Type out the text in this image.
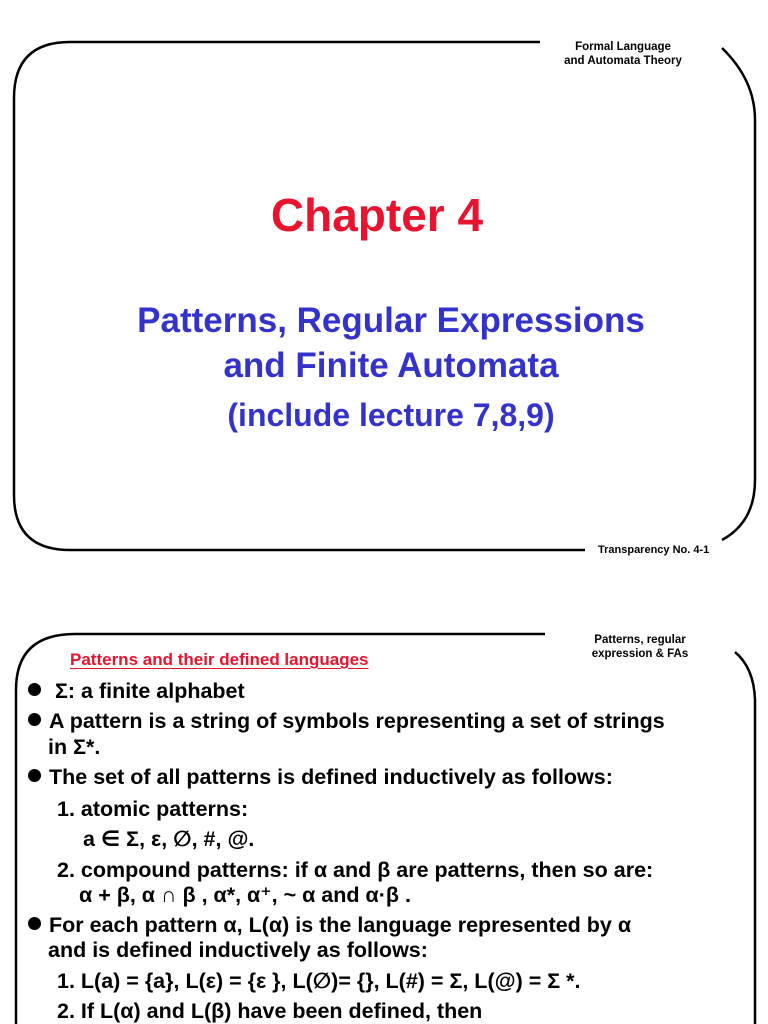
Formal Language
and Automata Theory
Chapter 4
Patterns, Regular Expressions
and Finite Automata
(include lecture 7,8,9)
Transparency No. 4-1
Patterns, regular
expression & FAs
Patterns and their defined languages
Σ: a finite alphabet
A pattern is a string of symbols representing a set of strings
in Σ*.
The set of all patterns is defined inductively as follows:
1. atomic patterns:
a ∈ Σ, ε, ∅, #, @.
2. compound patterns: if α and β are patterns, then so are:
α + β, α ∩ β , α*, α⁺, ~ α and α·β .
For each pattern α, L(α) is the language represented by α
and is defined inductively as follows:
1. L(a) = {a}, L(ε) = {ε }, L(∅)= {}, L(#) = Σ, L(@) = Σ *.
2. If L(α) and L(β) have been defined, then
